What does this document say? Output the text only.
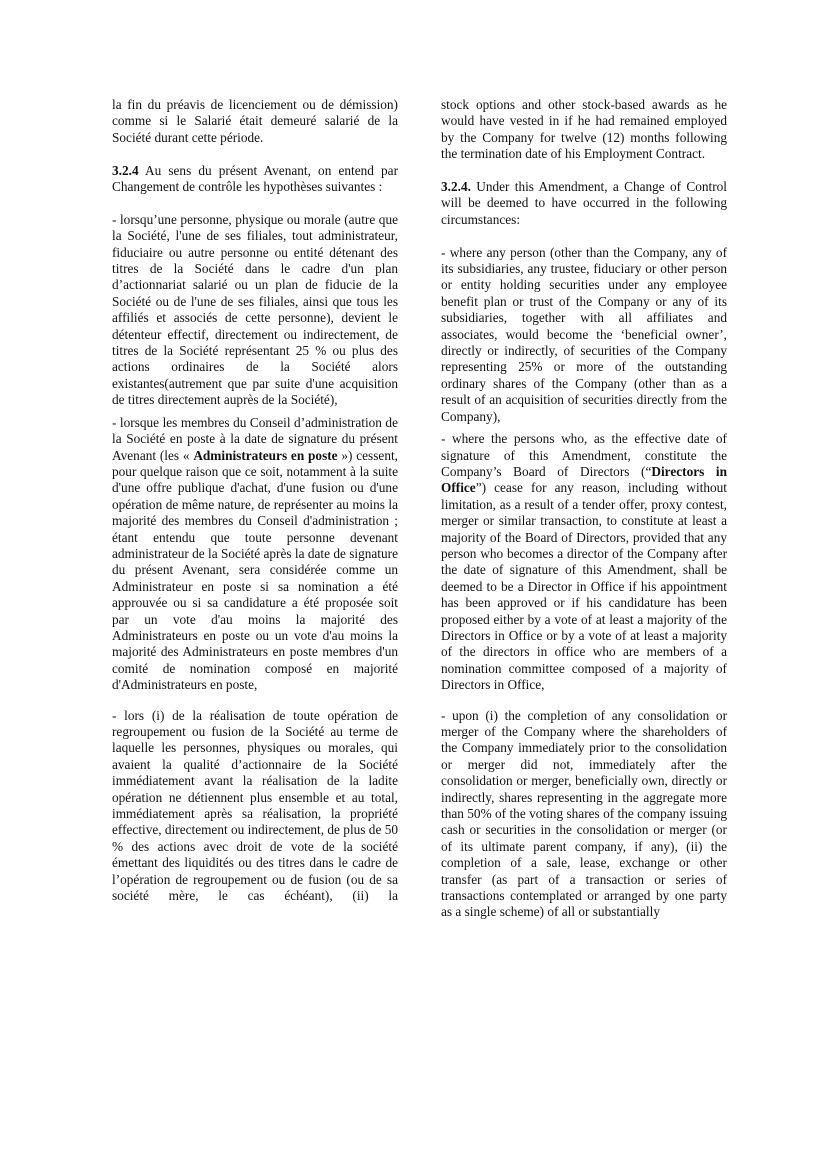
la fin du préavis de licenciement ou de démission) comme si le Salarié était demeuré salarié de la Société durant cette période.

3.2.4 Au sens du présent Avenant, on entend par Changement de contrôle les hypothèses suivantes :

- lorsqu’une personne, physique ou morale (autre que la Société, l'une de ses filiales, tout administrateur, fiduciaire ou autre personne ou entité détenant des titres de la Société dans le cadre d'un plan d’actionnariat salarié ou un plan de fiducie de la Société ou de l'une de ses filiales, ainsi que tous les affiliés et associés de cette personne), devient le détenteur effectif, directement ou indirectement, de titres de la Société représentant 25 % ou plus des actions ordinaires de la Société alors existantes(autrement que par suite d'une acquisition de titres directement auprès de la Société),

- lorsque les membres du Conseil d’administration de la Société en poste à la date de signature du présent Avenant (les « Administrateurs en poste ») cessent, pour quelque raison que ce soit, notamment à la suite d'une offre publique d'achat, d'une fusion ou d'une opération de même nature, de représenter au moins la majorité des membres du Conseil d'administration ; étant entendu que toute personne devenant administrateur de la Société après la date de signature du présent Avenant, sera considérée comme un Administrateur en poste si sa nomination a été approuvée ou si sa candidature a été proposée soit par un vote d'au moins la majorité des Administrateurs en poste ou un vote d'au moins la majorité des Administrateurs en poste membres d'un comité de nomination composé en majorité d'Administrateurs en poste,

- lors (i) de la réalisation de toute opération de regroupement ou fusion de la Société au terme de laquelle les personnes, physiques ou morales, qui avaient la qualité d’actionnaire de la Société immédiatement avant la réalisation de la ladite opération ne détiennent plus ensemble et au total, immédiatement après sa réalisation, la propriété effective, directement ou indirectement, de plus de 50 % des actions avec droit de vote de la société émettant des liquidités ou des titres dans le cadre de l’opération de regroupement ou de fusion (ou de sa société mère, le cas échéant), (ii) la

stock options and other stock-based awards as he would have vested in if he had remained employed by the Company for twelve (12) months following the termination date of his Employment Contract.

3.2.4. Under this Amendment, a Change of Control will be deemed to have occurred in the following circumstances:

- where any person (other than the Company, any of its subsidiaries, any trustee, fiduciary or other person or entity holding securities under any employee benefit plan or trust of the Company or any of its subsidiaries, together with all affiliates and associates, would become the ‘beneficial owner’, directly or indirectly, of securities of the Company representing 25% or more of the outstanding ordinary shares of the Company (other than as a result of an acquisition of securities directly from the Company),

- where the persons who, as the effective date of signature of this Amendment, constitute the Company’s Board of Directors (“Directors in Office”) cease for any reason, including without limitation, as a result of a tender offer, proxy contest, merger or similar transaction, to constitute at least a majority of the Board of Directors, provided that any person who becomes a director of the Company after the date of signature of this Amendment, shall be deemed to be a Director in Office if his appointment has been approved or if his candidature has been proposed either by a vote of at least a majority of the Directors in Office or by a vote of at least a majority of the directors in office who are members of a nomination committee composed of a majority of Directors in Office,

- upon (i) the completion of any consolidation or merger of the Company where the shareholders of the Company immediately prior to the consolidation or merger did not, immediately after the consolidation or merger, beneficially own, directly or indirectly, shares representing in the aggregate more than 50% of the voting shares of the company issuing cash or securities in the consolidation or merger (or of its ultimate parent company, if any), (ii) the completion of a sale, lease, exchange or other transfer (as part of a transaction or series of transactions contemplated or arranged by one party as a single scheme) of all or substantially
